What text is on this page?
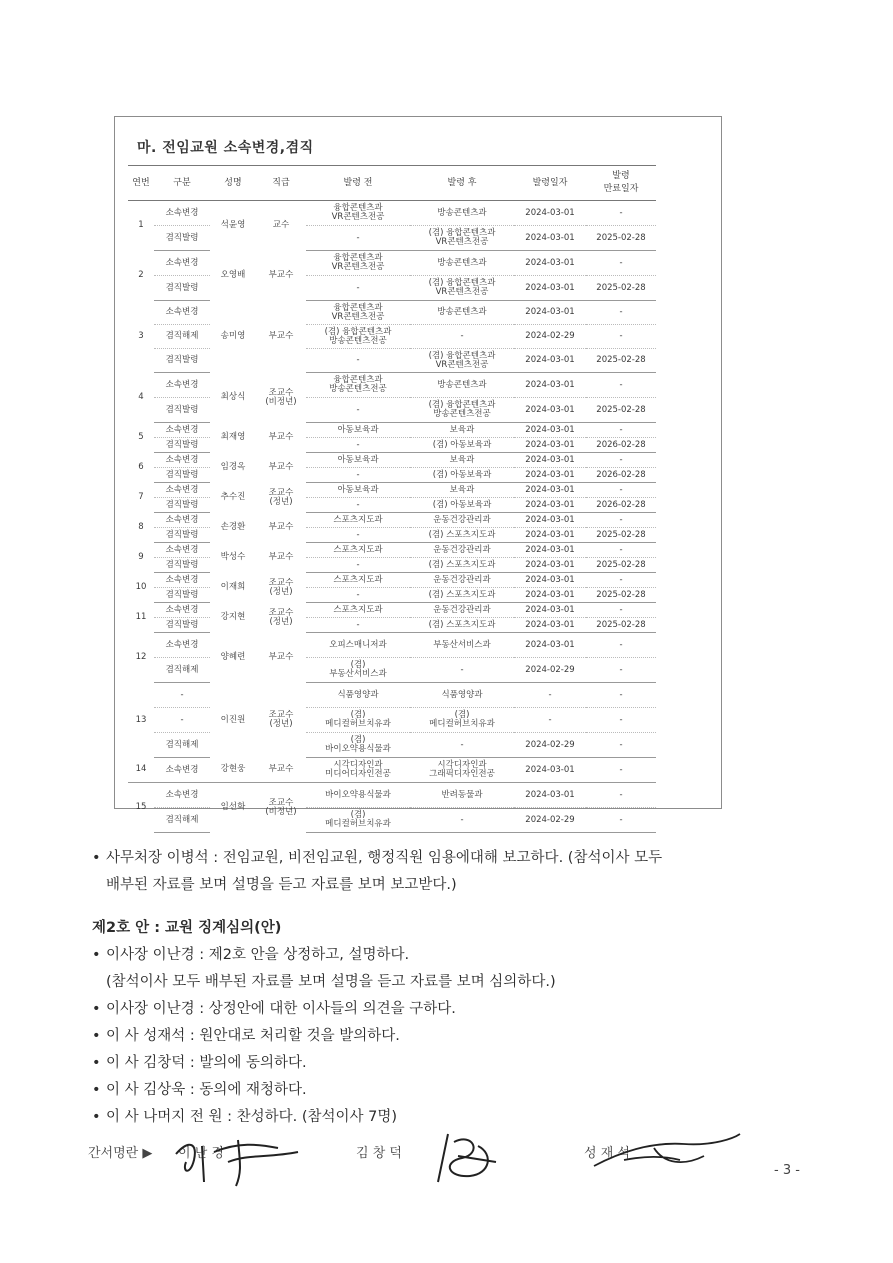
마. 전임교원 소속변경,겸직
연번	구분	성명	직급	발령 전	발령 후	발령일자	발령
만료일자
1	소속변경	석윤영	교수	융합콘텐츠과
VR콘텐츠전공	방송콘텐츠과	2024-03-01	-
	겸직발령			-	(겸) 융합콘텐츠과
VR콘텐츠전공	2024-03-01	2025-02-28
2	소속변경	오영배	부교수	융합콘텐츠과
VR콘텐츠전공	방송콘텐츠과	2024-03-01	-
	겸직발령			-	(겸) 융합콘텐츠과
VR콘텐츠전공	2024-03-01	2025-02-28
3	소속변경	송미영	부교수	융합콘텐츠과
VR콘텐츠전공	방송콘텐츠과	2024-03-01	-
	겸직해제			(겸) 융합콘텐츠과
방송콘텐츠전공	-	2024-02-29	-
	겸직발령			-	(겸) 융합콘텐츠과
VR콘텐츠전공	2024-03-01	2025-02-28
4	소속변경	최상식	조교수
(비정년)	융합콘텐츠과
방송콘텐츠전공	방송콘텐츠과	2024-03-01	-
	겸직발령			-	(겸) 융합콘텐츠과
방송콘텐츠전공	2024-03-01	2025-02-28
5	소속변경	최재영	부교수	아동보육과	보육과	2024-03-01	-
	겸직발령			-	(겸) 아동보육과	2024-03-01	2026-02-28
6	소속변경	임경옥	부교수	아동보육과	보육과	2024-03-01	-
	겸직발령			-	(겸) 아동보육과	2024-03-01	2026-02-28
7	소속변경	추수진	조교수
(정년)	아동보육과	보육과	2024-03-01	-
	겸직발령			-	(겸) 아동보육과	2024-03-01	2026-02-28
8	소속변경	손경환	부교수	스포츠지도과	운동건강관리과	2024-03-01	-
	겸직발령			-	(겸) 스포츠지도과	2024-03-01	2025-02-28
9	소속변경	박성수	부교수	스포츠지도과	운동건강관리과	2024-03-01	-
	겸직발령			-	(겸) 스포츠지도과	2024-03-01	2025-02-28
10	소속변경	이재희	조교수
(정년)	스포츠지도과	운동건강관리과	2024-03-01	-
	겸직발령			-	(겸) 스포츠지도과	2024-03-01	2025-02-28
11	소속변경	강지현	조교수
(정년)	스포츠지도과	운동건강관리과	2024-03-01	-
	겸직발령			-	(겸) 스포츠지도과	2024-03-01	2025-02-28
12	소속변경	양혜련	부교수	오피스매니저과	부동산서비스과	2024-03-01	-
	겸직해제			(겸)
부동산서비스과	-	2024-02-29	-
13	-	이진원	조교수
(정년)	식품영양과	식품영양과	-	-
	-			(겸)
메디컬허브치유과	(겸)
메디컬허브치유과	-	-
	겸직해제			(겸)
바이오약용식물과	-	2024-02-29	-
14	소속변경	강현웅	부교수	시각디자인과
미디어디자인전공	시각디자인과
그래픽디자인전공	2024-03-01	-
15	소속변경	임선화	조교수
(비정년)	바이오약용식물과	반려동물과	2024-03-01	-
	겸직해제			(겸)
메디컬허브치유과	-	2024-02-29	-

• 사무처장 이병석 : 전임교원, 비전임교원, 행정직원 임용에대해 보고하다. (참석이사 모두

배부된 자료를 보며 설명을 듣고 자료를 보며 보고받다.)

제2호 안 : 교원 징계심의(안)

• 이사장 이난경 : 제2호 안을 상정하고, 설명하다.

(참석이사 모두 배부된 자료를 보며 설명을 듣고 자료를 보며 심의하다.)

• 이사장 이난경 : 상정안에 대한 이사들의 의견을 구하다.

• 이 사 성재석 : 원안대로 처리할 것을 발의하다.

• 이 사 김창덕 : 발의에 동의하다.

• 이 사 김상욱 : 동의에 재청하다.

• 이 사 나머지 전 원 : 찬성하다. (참석이사 7명)

간서명란 ▶ 이 난 경	김 창 덕	성 재 석
- 3 -
